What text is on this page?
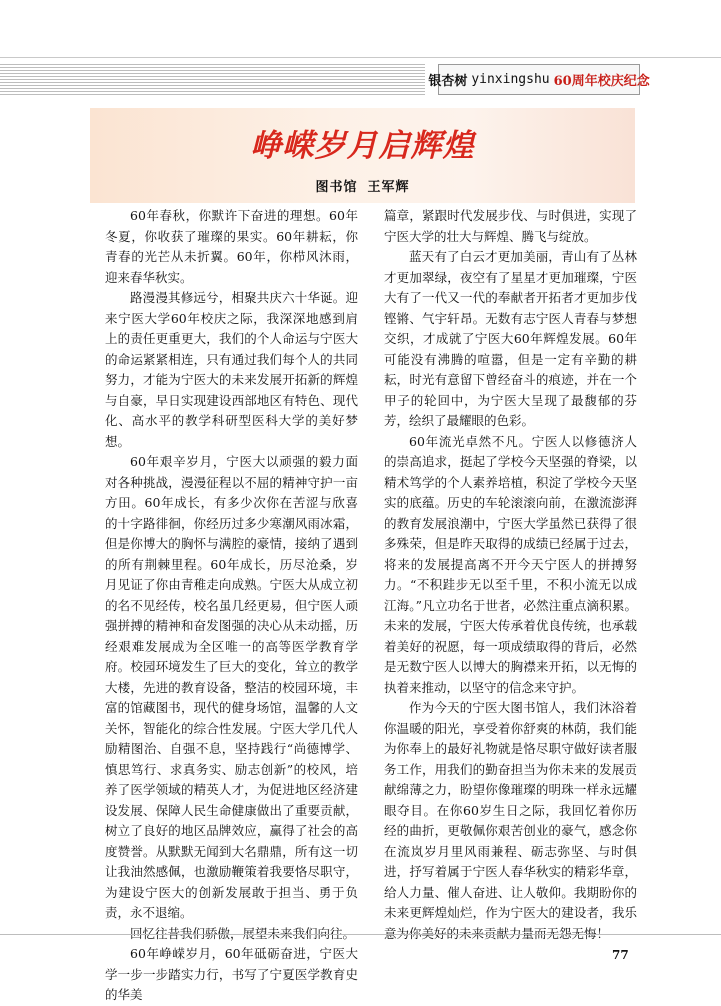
银杏树 yinxingshu 60周年校庆纪念
峥嵘岁月启辉煌
图书馆 王军辉

60年春秋，你默许下奋进的理想。60年冬夏，你收获了璀璨的果实。60年耕耘，你青春的光芒从未折翼。60年，你栉风沐雨，迎来春华秋实。

路漫漫其修远兮，相聚共庆六十华诞。迎来宁医大学60年校庆之际，我深深地感到肩上的责任更重更大，我们的个人命运与宁医大的命运紧紧相连，只有通过我们每个人的共同努力，才能为宁医大的未来发展开拓新的辉煌与自豪，早日实现建设西部地区有特色、现代化、高水平的教学科研型医科大学的美好梦想。

60年艰辛岁月，宁医大以顽强的毅力面对各种挑战，漫漫征程以不屈的精神守护一亩方田。60年成长，有多少次你在苦涩与欣喜的十字路徘徊，你经历过多少寒潮风雨冰霜，但是你博大的胸怀与满腔的豪情，接纳了遇到的所有荆棘里程。60年成长，历尽沧桑，岁月见证了你由青稚走向成熟。宁医大从成立初的名不见经传，校名虽几经更易，但宁医人顽强拼搏的精神和奋发图强的决心从未动摇，历经艰难发展成为全区唯一的高等医学教育学府。校园环境发生了巨大的变化，耸立的教学大楼，先进的教育设备，整洁的校园环境，丰富的馆藏图书，现代的健身场馆，温馨的人文关怀，智能化的综合性发展。宁医大学几代人励精图治、自强不息，坚持践行“尚德博学、慎思笃行、求真务实、励志创新”的校风，培养了医学领域的精英人才，为促进地区经济建设发展、保障人民生命健康做出了重要贡献，树立了良好的地区品牌效应，赢得了社会的高度赞誉。从默默无闻到大名鼎鼎，所有这一切让我油然感佩，也激励鞭策着我要恪尽职守，为建设宁医大的创新发展敢于担当、勇于负责，永不退缩。

回忆往昔我们骄傲，展望未来我们向往。

60年峥嵘岁月，60年砥砺奋进，宁医大学一步一步踏实力行，书写了宁夏医学教育史的华美

篇章，紧跟时代发展步伐、与时俱进，实现了宁医大学的壮大与辉煌、腾飞与绽放。

蓝天有了白云才更加美丽，青山有了丛林才更加翠绿，夜空有了星星才更加璀璨，宁医大有了一代又一代的奉献者开拓者才更加步伐铿锵、气宇轩昂。无数有志宁医人青春与梦想交织，才成就了宁医大60年辉煌发展。60年可能没有沸腾的喧嚣，但是一定有辛勤的耕耘，时光有意留下曾经奋斗的痕迹，并在一个甲子的轮回中，为宁医大呈现了最馥郁的芬芳，绘织了最耀眼的色彩。

60年流光卓然不凡。宁医人以修德济人的崇高追求，挺起了学校今天坚强的脊梁，以精术笃学的个人素养培植，积淀了学校今天坚实的底蕴。历史的车轮滚滚向前，在激流澎湃的教育发展浪潮中，宁医大学虽然已获得了很多殊荣，但是昨天取得的成绩已经属于过去，将来的发展提高离不开今天宁医人的拼搏努力。“不积跬步无以至千里，不积小流无以成江海。”凡立功名于世者，必然注重点滴积累。未来的发展，宁医大传承着优良传统，也承载着美好的祝愿，每一项成绩取得的背后，必然是无数宁医人以博大的胸襟来开拓，以无悔的执着来推动，以坚守的信念来守护。

作为今天的宁医大图书馆人，我们沐浴着你温暖的阳光，享受着你舒爽的林荫，我们能为你奉上的最好礼物就是恪尽职守做好读者服务工作，用我们的勤奋担当为你未来的发展贡献绵薄之力，盼望你像璀璨的明珠一样永远耀眼夺目。在你60岁生日之际，我回忆着你历经的曲折，更敬佩你艰苦创业的豪气，感念你在流岚岁月里风雨兼程、砺志弥坚、与时俱进，抒写着属于宁医人春华秋实的精彩华章，给人力量、催人奋进、让人敬仰。我期盼你的未来更辉煌灿烂，作为宁医大的建设者，我乐意为你美好的未来贡献力量而无怨无悔！

77
